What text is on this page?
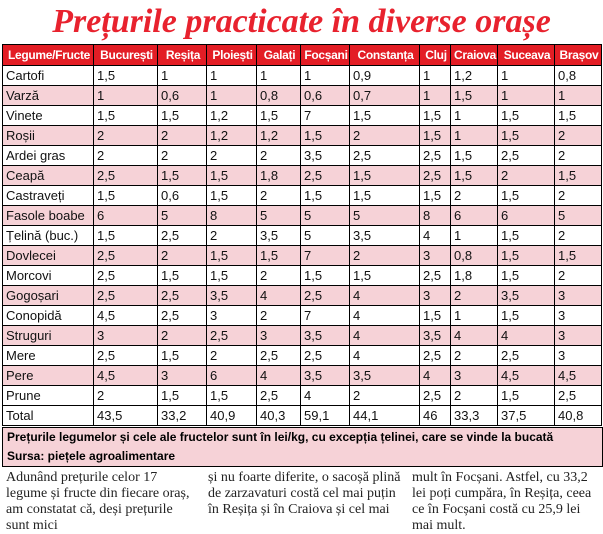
Prețurile practicate în diverse orașe
Legume/Fructe	București	Reșița	Ploiești	Galați	Focșani	Constanța	Cluj	Craiova	Suceava	Brașov
Cartofi	1,5	1	1	1	1	0,9	1	1,2	1	0,8
Varză	1	0,6	1	0,8	0,6	0,7	1	1,5	1	1
Vinete	1,5	1,5	1,2	1,5	7	1,5	1,5	1	1,5	1,5
Roșii	2	2	1,2	1,2	1,5	2	1,5	1	1,5	2
Ardei gras	2	2	2	2	3,5	2,5	2,5	1,5	2,5	2
Ceapă	2,5	1,5	1,5	1,8	2,5	1,5	2,5	1,5	2	1,5
Castraveți	1,5	0,6	1,5	2	1,5	1,5	1,5	2	1,5	2
Fasole boabe	6	5	8	5	5	5	8	6	6	5
Țelină (buc.)	1,5	2,5	2	3,5	5	3,5	4	1	1,5	2
Dovlecei	2,5	2	1,5	1,5	7	2	3	0,8	1,5	1,5
Morcovi	2,5	1,5	1,5	2	1,5	1,5	2,5	1,8	1,5	2
Gogoșari	2,5	2,5	3,5	4	2,5	4	3	2	3,5	3
Conopidă	4,5	2,5	3	2	7	4	1,5	1	1,5	3
Struguri	3	2	2,5	3	3,5	4	3,5	4	4	3
Mere	2,5	1,5	2	2,5	2,5	4	2,5	2	2,5	3
Pere	4,5	3	6	4	3,5	3,5	4	3	4,5	4,5
Prune	2	1,5	1,5	2,5	4	2	2,5	2	1,5	2,5
Total	43,5	33,2	40,9	40,3	59,1	44,1	46	33,3	37,5	40,8
Prețurile legumelor și cele ale fructelor sunt în lei/kg, cu excepția țelinei, care se vinde la bucată
Sursa: piețele agroalimentare

Adunând prețurile celor 17 legume și fructe din fiecare oraș, am constatat că, deși prețurile sunt mici

și nu foarte diferite, o sacoșă plină de zarzavaturi costă cel mai puțin în Reșița și în Craiova și cel mai

mult în Focșani. Astfel, cu 33,2 lei poți cumpăra, în Reșița, ceea ce în Focșani costă cu 25,9 lei mai mult.
